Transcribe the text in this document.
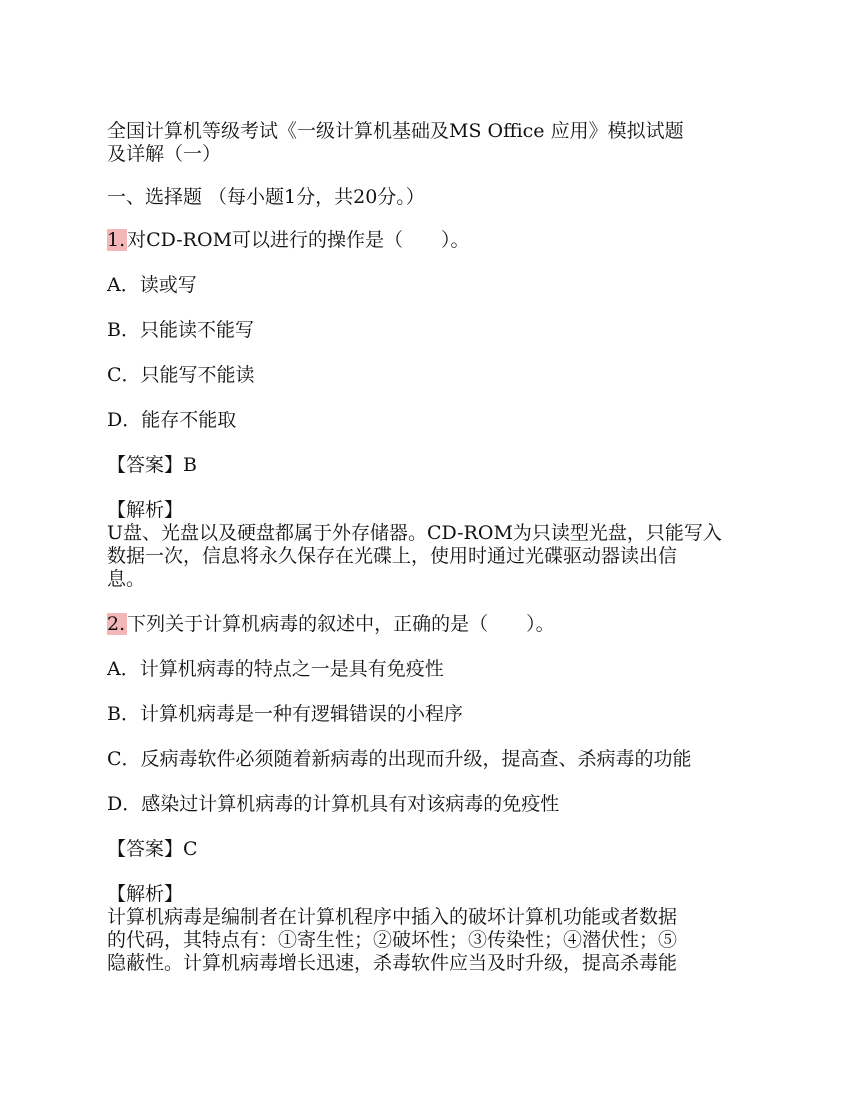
全国计算机等级考试《一级计算机基础及MS Office 应用》模拟试题
及详解（一）
一、选择题 （每小题1分，共20分。）
1. 对CD-ROM可以进行的操作是（　　）。
A．读或写
B．只能读不能写
C．只能写不能读
D．能存不能取
【答案】B
【解析】
U盘、光盘以及硬盘都属于外存储器。CD-ROM为只读型光盘，只能写入
数据一次，信息将永久保存在光碟上，使用时通过光碟驱动器读出信
息。
2. 下列关于计算机病毒的叙述中，正确的是（　　）。
A．计算机病毒的特点之一是具有免疫性
B．计算机病毒是一种有逻辑错误的小程序
C．反病毒软件必须随着新病毒的出现而升级，提高查、杀病毒的功能
D．感染过计算机病毒的计算机具有对该病毒的免疫性
【答案】C
【解析】
计算机病毒是编制者在计算机程序中插入的破坏计算机功能或者数据
的代码，其特点有：①寄生性；②破坏性；③传染性；④潜伏性；⑤
隐蔽性。计算机病毒增长迅速，杀毒软件应当及时升级，提高杀毒能
